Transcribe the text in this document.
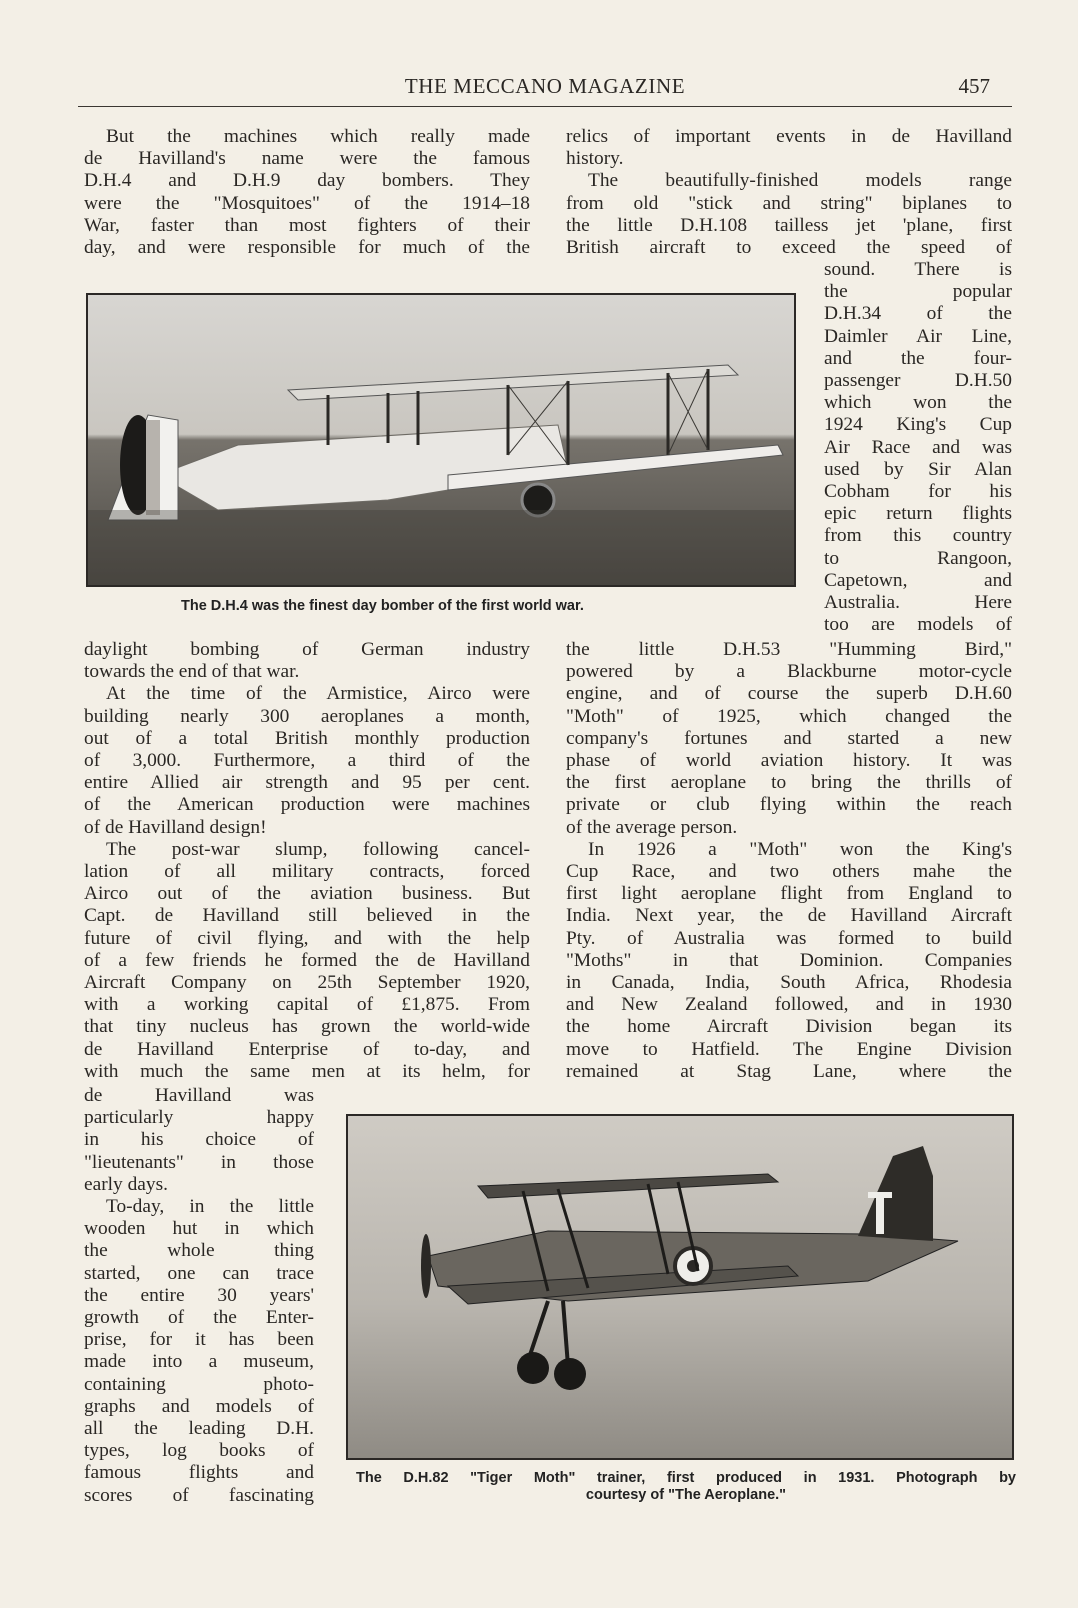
THE MECCANO MAGAZINE	457
But the machines which really made
de Havilland's name were the famous
D.H.4 and D.H.9 day bombers. They
were the "Mosquitoes" of the 1914–18
War, faster than most fighters of their
day, and were responsible for much of the
relics of important events in de Havilland
history.
The beautifully-finished models range
from old "stick and string" biplanes to
the little D.H.108 tailless jet 'plane, first
British aircraft to exceed the speed of
sound. There is
the popular
D.H.34 of the
Daimler Air Line,
and the four-
passenger D.H.50
which won the
1924 King's Cup
Air Race and was
used by Sir Alan
Cobham for his
epic return flights
from this country
to Rangoon,
Capetown, and
Australia. Here
too are models of
The D.H.4 was the finest day bomber of the first world war.
daylight bombing of German industry
towards the end of that war.
At the time of the Armistice, Airco were
building nearly 300 aeroplanes a month,
out of a total British monthly production
of 3,000. Furthermore, a third of the
entire Allied air strength and 95 per cent.
of the American production were machines
of de Havilland design!
The post-war slump, following cancel-
lation of all military contracts, forced
Airco out of the aviation business. But
Capt. de Havilland still believed in the
future of civil flying, and with the help
of a few friends he formed the de Havilland
Aircraft Company on 25th September 1920,
with a working capital of £1,875. From
that tiny nucleus has grown the world-wide
de Havilland Enterprise of to-day, and
with much the same men at its helm, for
the little D.H.53 "Humming Bird,"
powered by a Blackburne motor-cycle
engine, and of course the superb D.H.60
"Moth" of 1925, which changed the
company's fortunes and started a new
phase of world aviation history. It was
the first aeroplane to bring the thrills of
private or club flying within the reach
of the average person.
In 1926 a "Moth" won the King's
Cup Race, and two others mahe the
first light aeroplane flight from England to
India. Next year, the de Havilland Aircraft
Pty. of Australia was formed to build
"Moths" in that Dominion. Companies
in Canada, India, South Africa, Rhodesia
and New Zealand followed, and in 1930
the home Aircraft Division began its
move to Hatfield. The Engine Division
remained at Stag Lane, where the
de Havilland was
particularly happy
in his choice of
"lieutenants" in those
early days.
To-day, in the little
wooden hut in which
the whole thing
started, one can trace
the entire 30 years'
growth of the Enter-
prise, for it has been
made into a museum,
containing photo-
graphs and models of
all the leading D.H.
types, log books of
famous flights and
scores of fascinating
The D.H.82 "Tiger Moth" trainer, first produced in 1931. Photograph by
courtesy of "The Aeroplane."
